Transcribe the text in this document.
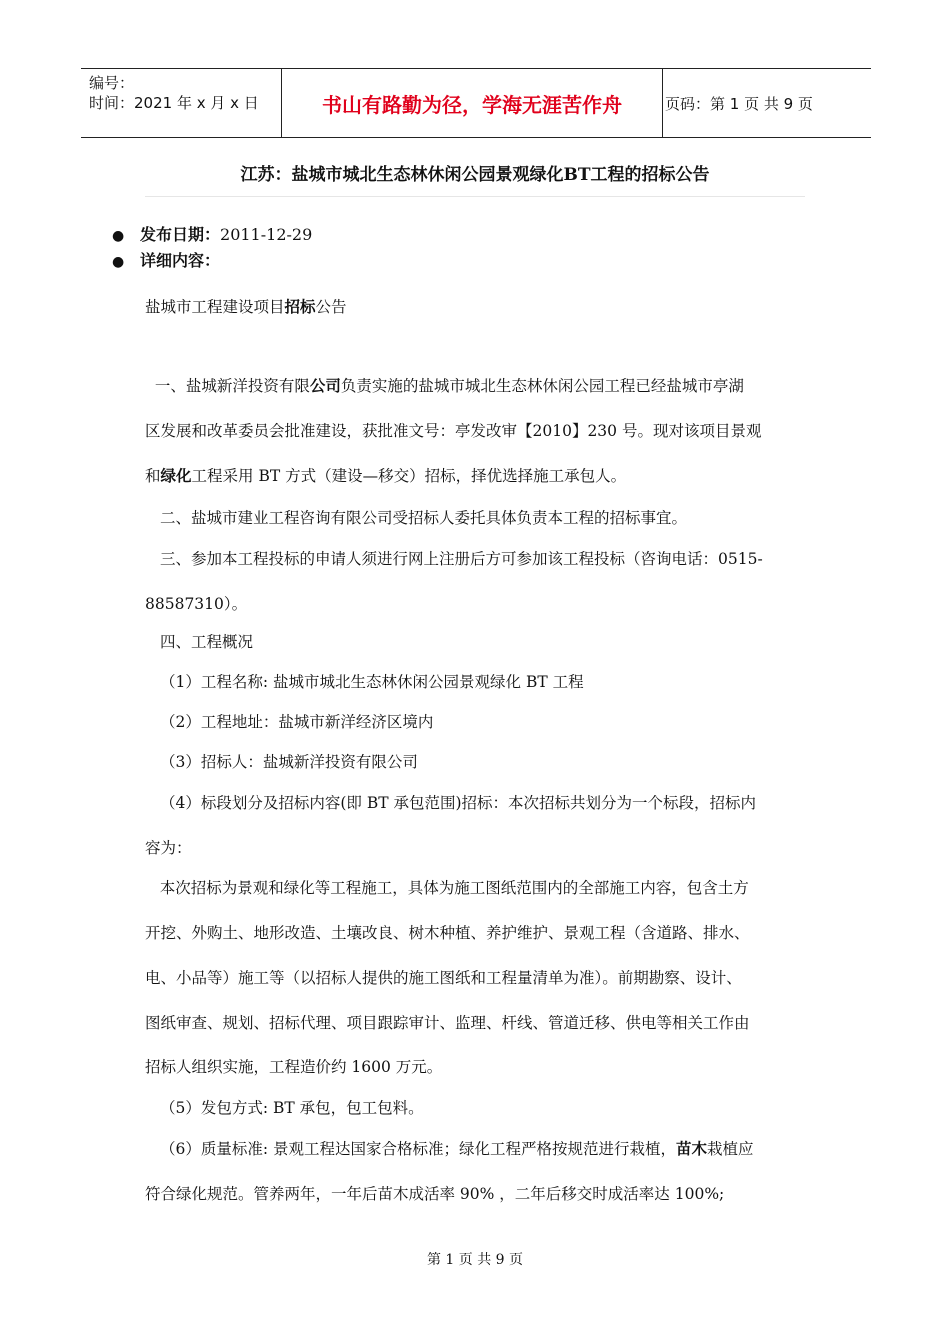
编号：
时间：2021 年 x 月 x 日	书山有路勤为径，学海无涯苦作舟	页码：第 1 页 共 9 页
江苏：盐城市城北生态林休闲公园景观绿化BT工程的招标公告
● 发布日期：2011-12-29
● 详细内容：
盐城市工程建设项目招标公告
一、盐城新洋投资有限公司负责实施的盐城市城北生态林休闲公园工程已经盐城市亭湖
区发展和改革委员会批准建设，获批准文号：亭发改审【2010】230 号。现对该项目景观
和绿化工程采用 BT 方式（建设—移交）招标，择优选择施工承包人。
二、盐城市建业工程咨询有限公司受招标人委托具体负责本工程的招标事宜。
三、参加本工程投标的申请人须进行网上注册后方可参加该工程投标（咨询电话：0515-
88587310）。
四、工程概况
（1）工程名称: 盐城市城北生态林休闲公园景观绿化 BT 工程
（2）工程地址：盐城市新洋经济区境内
（3）招标人：盐城新洋投资有限公司
（4）标段划分及招标内容(即 BT 承包范围)招标：本次招标共划分为一个标段，招标内
容为：
本次招标为景观和绿化等工程施工，具体为施工图纸范围内的全部施工内容，包含土方
开挖、外购土、地形改造、土壤改良、树木种植、养护维护、景观工程（含道路、排水、
电、小品等）施工等（以招标人提供的施工图纸和工程量清单为准）。前期勘察、设计、
图纸审查、规划、招标代理、项目跟踪审计、监理、杆线、管道迁移、供电等相关工作由
招标人组织实施，工程造价约 1600 万元。
（5）发包方式: BT 承包，包工包料。
（6）质量标准: 景观工程达国家合格标准；绿化工程严格按规范进行栽植，苗木栽植应
符合绿化规范。管养两年，一年后苗木成活率 90% ，二年后移交时成活率达 100%;
第 1 页 共 9 页
